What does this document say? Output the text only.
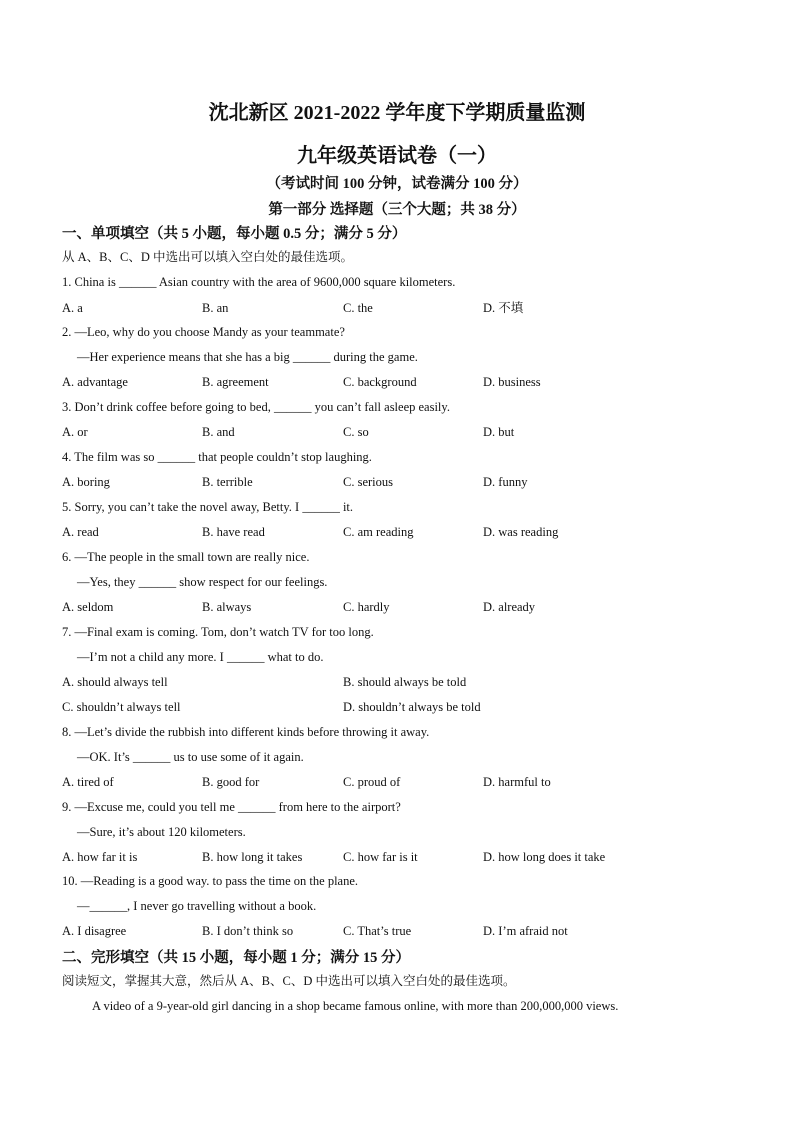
沈北新区 2021-2022 学年度下学期质量监测
九年级英语试卷（一）
（考试时间 100 分钟，试卷满分 100 分）
第一部分 选择题（三个大题；共 38 分）
一、单项填空（共 5 小题，每小题 0.5 分；满分 5 分）
从 A、B、C、D 中选出可以填入空白处的最佳选项。
1. China is ______ Asian country with the area of 9600,000 square kilometers.
A. a	B. an	C. the	D. 不填
2. —Leo, why do you choose Mandy as your teammate?
—Her experience means that she has a big ______ during the game.
A. advantage	B. agreement	C. background	D. business
3. Don’t drink coffee before going to bed, ______ you can’t fall asleep easily.
A. or	B. and	C. so	D. but
4. The film was so ______ that people couldn’t stop laughing.
A. boring	B. terrible	C. serious	D. funny
5. Sorry, you can’t take the novel away, Betty. I ______ it.
A. read	B. have read	C. am reading	D. was reading
6. —The people in the small town are really nice.
—Yes, they ______ show respect for our feelings.
A. seldom	B. always	C. hardly	D. already
7. —Final exam is coming. Tom, don’t watch TV for too long.
—I’m not a child any more. I ______ what to do.
A. should always tell	B. should always be told
C. shouldn’t always tell	D. shouldn’t always be told
8. —Let’s divide the rubbish into different kinds before throwing it away.
—OK. It’s ______ us to use some of it again.
A. tired of	B. good for	C. proud of	D. harmful to
9. —Excuse me, could you tell me ______ from here to the airport?
—Sure, it’s about 120 kilometers.
A. how far it is	B. how long it takes	C. how far is it	D. how long does it take
10. —Reading is a good way. to pass the time on the plane.
—______, I never go travelling without a book.
A. I disagree	B. I don’t think so	C. That’s true	D. I’m afraid not
二、完形填空（共 15 小题，每小题 1 分；满分 15 分）
阅读短文，掌握其大意，然后从 A、B、C、D 中选出可以填入空白处的最佳选项。
A video of a 9-year-old girl dancing in a shop became famous online, with more than 200,000,000 views.
